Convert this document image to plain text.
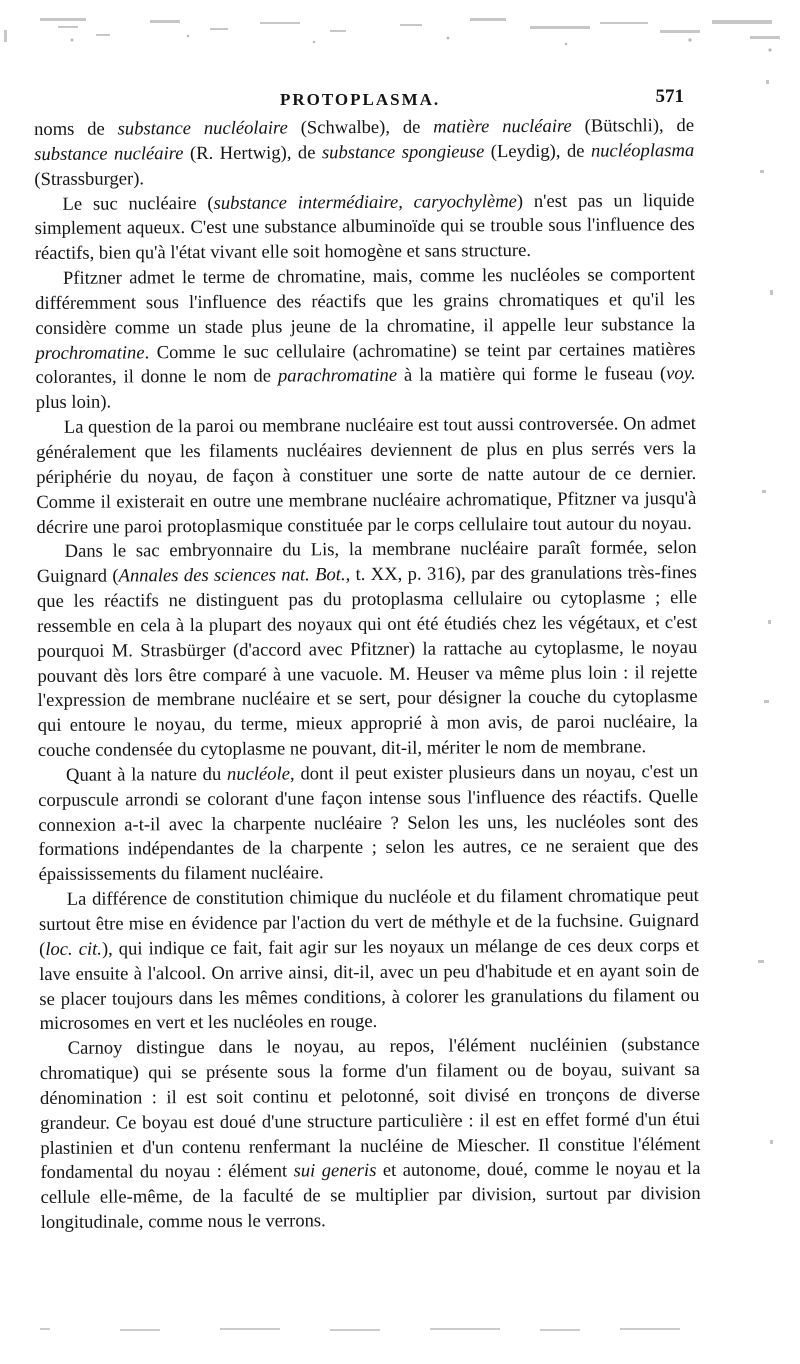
PROTOPLASMA.	571

noms de substance nucléolaire (Schwalbe), de matière nucléaire (Bütschli), de substance nucléaire (R. Hertwig), de substance spongieuse (Leydig), de nucléoplasma (Strassburger).

Le suc nucléaire (substance intermédiaire, caryochylème) n'est pas un liquide simplement aqueux. C'est une substance albuminoïde qui se trouble sous l'influence des réactifs, bien qu'à l'état vivant elle soit homogène et sans structure.

Pfitzner admet le terme de chromatine, mais, comme les nucléoles se comportent différemment sous l'influence des réactifs que les grains chromatiques et qu'il les considère comme un stade plus jeune de la chromatine, il appelle leur substance la prochromatine. Comme le suc cellulaire (achromatine) se teint par certaines matières colorantes, il donne le nom de parachromatine à la matière qui forme le fuseau (voy. plus loin).

La question de la paroi ou membrane nucléaire est tout aussi controversée. On admet généralement que les filaments nucléaires deviennent de plus en plus serrés vers la périphérie du noyau, de façon à constituer une sorte de natte autour de ce dernier. Comme il existerait en outre une membrane nucléaire achromatique, Pfitzner va jusqu'à décrire une paroi protoplasmique constituée par le corps cellulaire tout autour du noyau.

Dans le sac embryonnaire du Lis, la membrane nucléaire paraît formée, selon Guignard (Annales des sciences nat. Bot., t. XX, p. 316), par des granulations très-fines que les réactifs ne distinguent pas du protoplasma cellulaire ou cytoplasme ; elle ressemble en cela à la plupart des noyaux qui ont été étudiés chez les végétaux, et c'est pourquoi M. Strasbürger (d'accord avec Pfitzner) la rattache au cytoplasme, le noyau pouvant dès lors être comparé à une vacuole. M. Heuser va même plus loin : il rejette l'expression de membrane nucléaire et se sert, pour désigner la couche du cytoplasme qui entoure le noyau, du terme, mieux approprié à mon avis, de paroi nucléaire, la couche condensée du cytoplasme ne pouvant, dit-il, mériter le nom de membrane.

Quant à la nature du nucléole, dont il peut exister plusieurs dans un noyau, c'est un corpuscule arrondi se colorant d'une façon intense sous l'influence des réactifs. Quelle connexion a-t-il avec la charpente nucléaire ? Selon les uns, les nucléoles sont des formations indépendantes de la charpente ; selon les autres, ce ne seraient que des épaississements du filament nucléaire.

La différence de constitution chimique du nucléole et du filament chromatique peut surtout être mise en évidence par l'action du vert de méthyle et de la fuchsine. Guignard (loc. cit.), qui indique ce fait, fait agir sur les noyaux un mélange de ces deux corps et lave ensuite à l'alcool. On arrive ainsi, dit-il, avec un peu d'habitude et en ayant soin de se placer toujours dans les mêmes conditions, à colorer les granulations du filament ou microsomes en vert et les nucléoles en rouge.

Carnoy distingue dans le noyau, au repos, l'élément nucléinien (substance chromatique) qui se présente sous la forme d'un filament ou de boyau, suivant sa dénomination : il est soit continu et pelotonné, soit divisé en tronçons de diverse grandeur. Ce boyau est doué d'une structure particulière : il est en effet formé d'un étui plastinien et d'un contenu renfermant la nucléine de Miescher. Il constitue l'élément fondamental du noyau : élément sui generis et autonome, doué, comme le noyau et la cellule elle-même, de la faculté de se multiplier par division, surtout par division longitudinale, comme nous le verrons.
